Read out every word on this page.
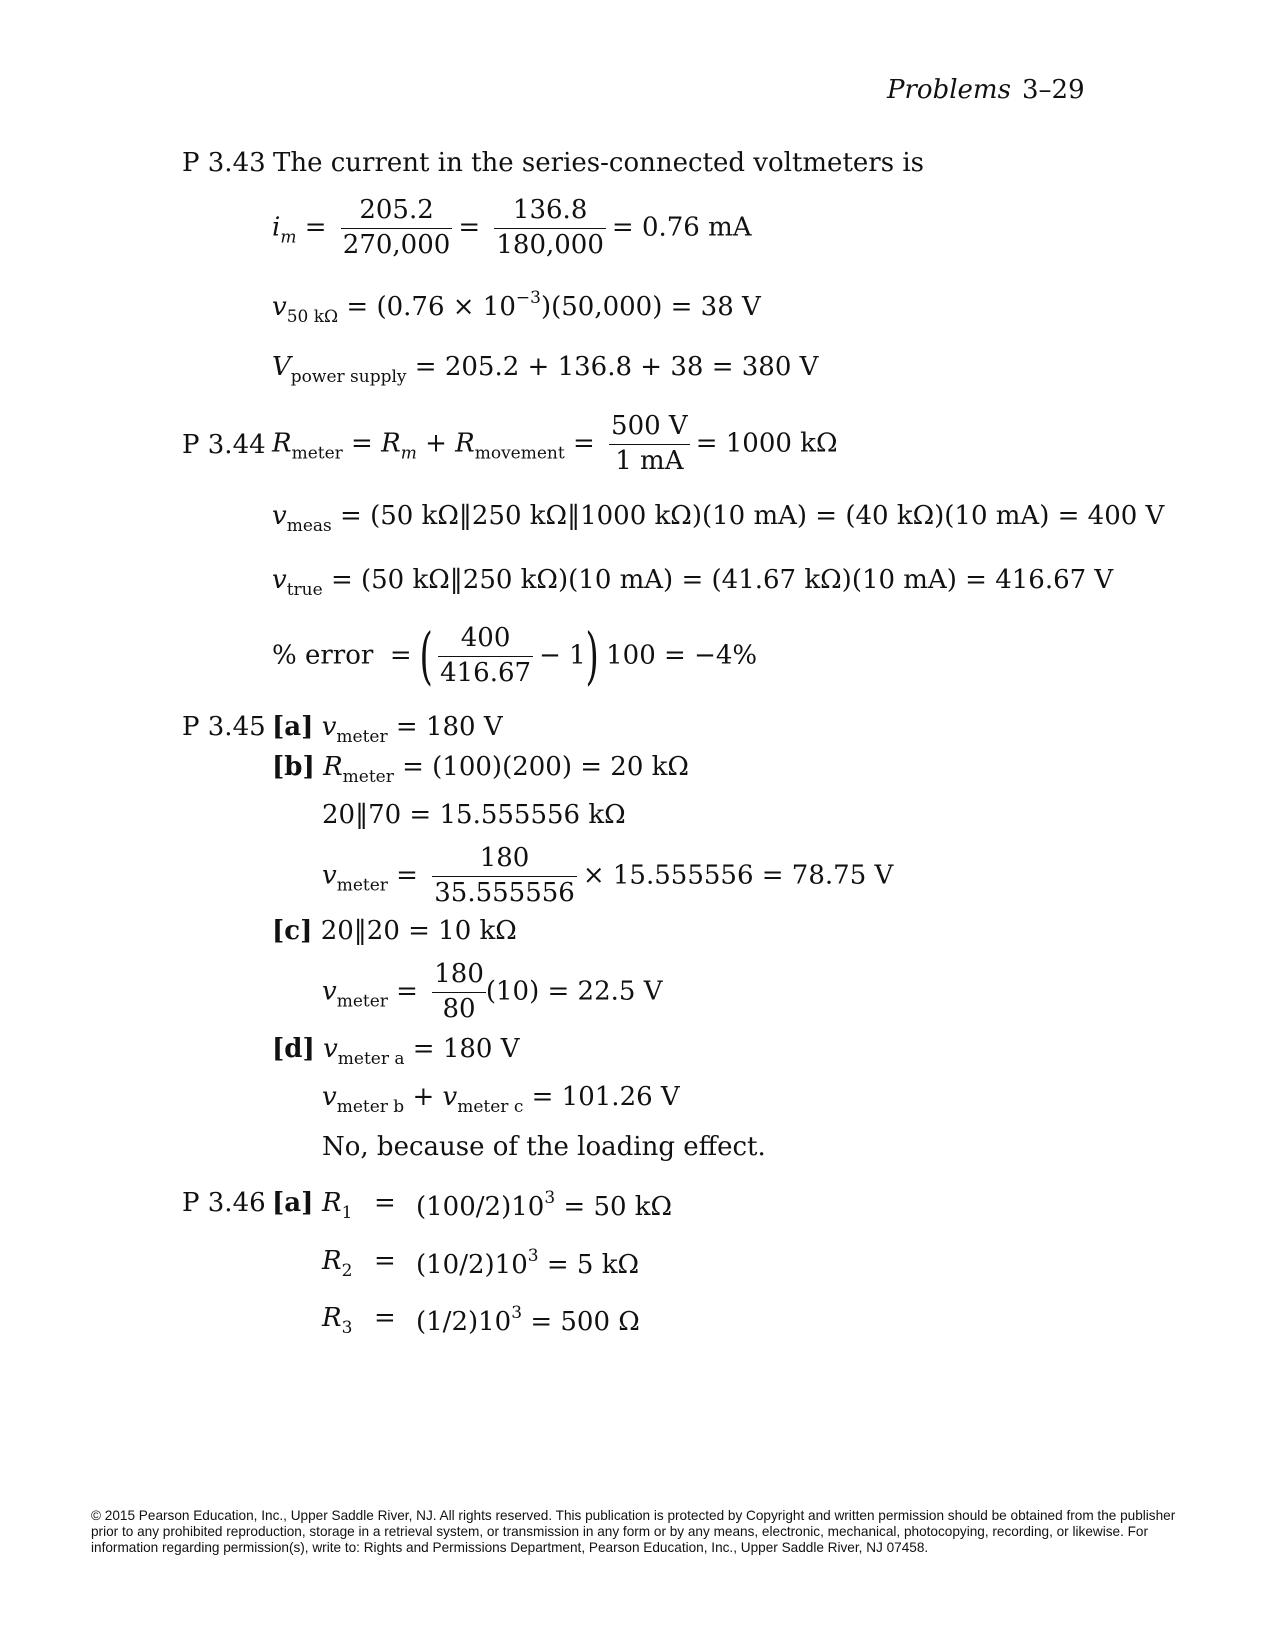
Problems 3–29
P 3.43 The current in the series-connected voltmeters is
$i_m = \frac{205.2}{270,000} = \frac{136.8}{180,000} = 0.76$ mA
$v_{50 k\Omega} = (0.76 \times 10^{-3})(50,000) = 38$ V
$V_{power supply} = 205.2 + 136.8 + 38 = 380$ V
P 3.44 $R_{meter} = R_m + R_{movement} = \frac{500 V}{1 mA} = 1000$ kΩ
$v_{meas} = (50$ kΩ‖250 kΩ‖1000 kΩ)(10 mA) = (40 kΩ)(10 mA) = 400 V
$v_{true} = (50$ kΩ‖250 kΩ)(10 mA) = (41.67 kΩ)(10 mA) = 416.67 V
% error  = ( $\frac{400}{416.67} - 1$) 100 = −4%
P 3.45 [a] $v_{meter} = 180$ V
[b] $R_{meter} = (100)(200) = 20$ kΩ
20‖70 = 15.555556 kΩ
$v_{meter} = \frac{180}{35.555556} \times 15.555556 = 78.75$ V
[c] 20‖20 = 10 kΩ
$v_{meter} = \frac{180}{80} (10) = 22.5$ V
[d] $v_{meter a} = 180$ V
$v_{meter b} + v_{meter c} = 101.26$ V
No, because of the loading effect.
P 3.46 [a] $R_1 = (100/2)10^3 = 50$ kΩ
$R_2 = (10/2)10^3 = 5$ kΩ
$R_3 = (1/2)10^3 = 500$ Ω
© 2015 Pearson Education, Inc., Upper Saddle River, NJ. All rights reserved. This publication is protected by Copyright and written permission should be obtained from the publisher prior to any prohibited reproduction, storage in a retrieval system, or transmission in any form or by any means, electronic, mechanical, photocopying, recording, or likewise. For information regarding permission(s), write to: Rights and Permissions Department, Pearson Education, Inc., Upper Saddle River, NJ 07458.
